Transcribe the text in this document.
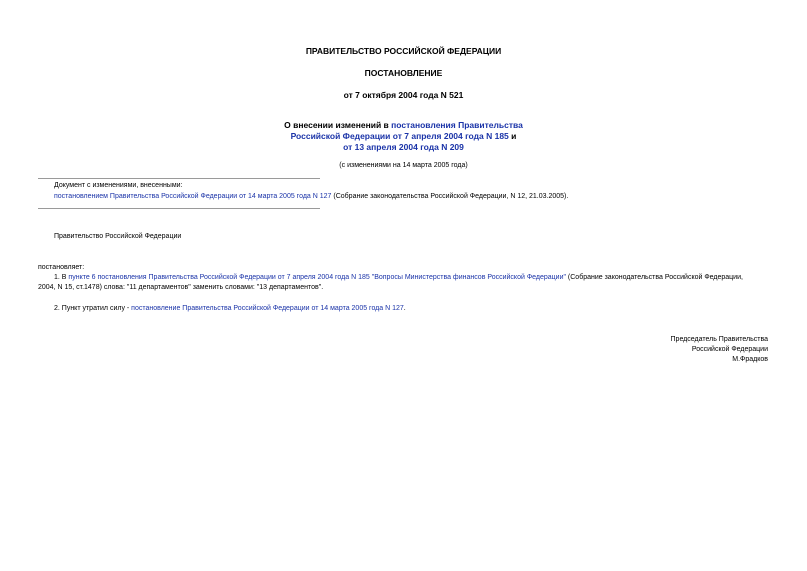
ПРАВИТЕЛЬСТВО РОССИЙСКОЙ ФЕДЕРАЦИИ
ПОСТАНОВЛЕНИЕ
от 7 октября 2004 года N 521
О внесении изменений в постановления Правительства
Российской Федерации от 7 апреля 2004 года N 185 и
от 13 апреля 2004 года N 209
(с изменениями на 14 марта 2005 года)
Документ с изменениями, внесенными:
постановлением Правительства Российской Федерации от 14 марта 2005 года N 127 (Собрание законодательства Российской Федерации, N 12, 21.03.2005).
Правительство Российской Федерации
постановляет:
1. В пункте 6 постановления Правительства Российской Федерации от 7 апреля 2004 года N 185 "Вопросы Министерства финансов Российской Федерации" (Собрание законодательства Российской Федерации,
2004, N 15, ст.1478) слова: "11 департаментов" заменить словами: "13 департаментов".
2. Пункт утратил силу - постановление Правительства Российской Федерации от 14 марта 2005 года N 127.
Председатель Правительства
Российской Федерации
М.Фрадков
